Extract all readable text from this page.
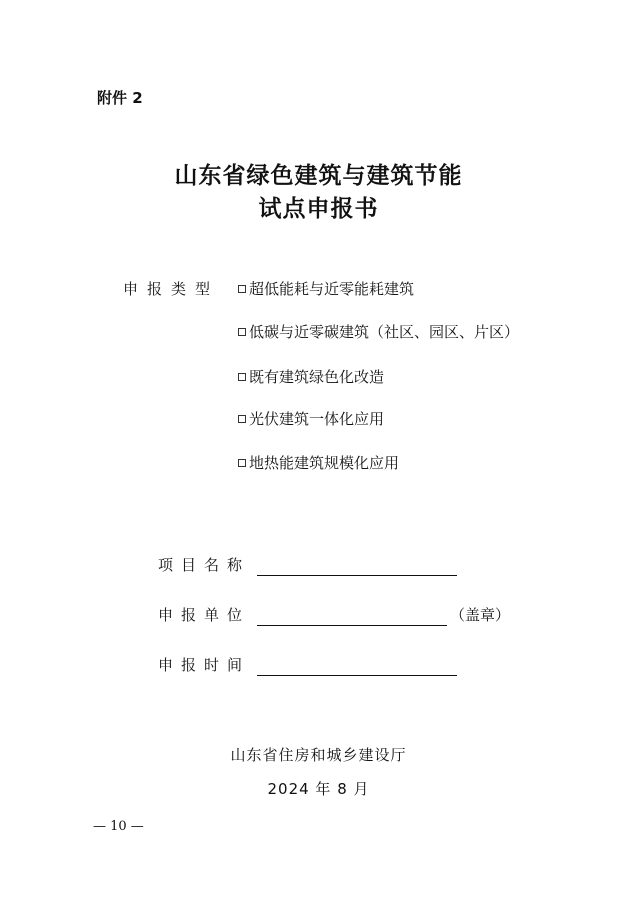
附件 2
山东省绿色建筑与建筑节能
试点申报书
申报类型	超低能耗与近零能耗建筑
低碳与近零碳建筑（社区、园区、片区）
既有建筑绿色化改造
光伏建筑一体化应用
地热能建筑规模化应用
项目名称
申报单位	（盖章）
申报时间
山东省住房和城乡建设厅
2024 年 8 月
— 10 —
